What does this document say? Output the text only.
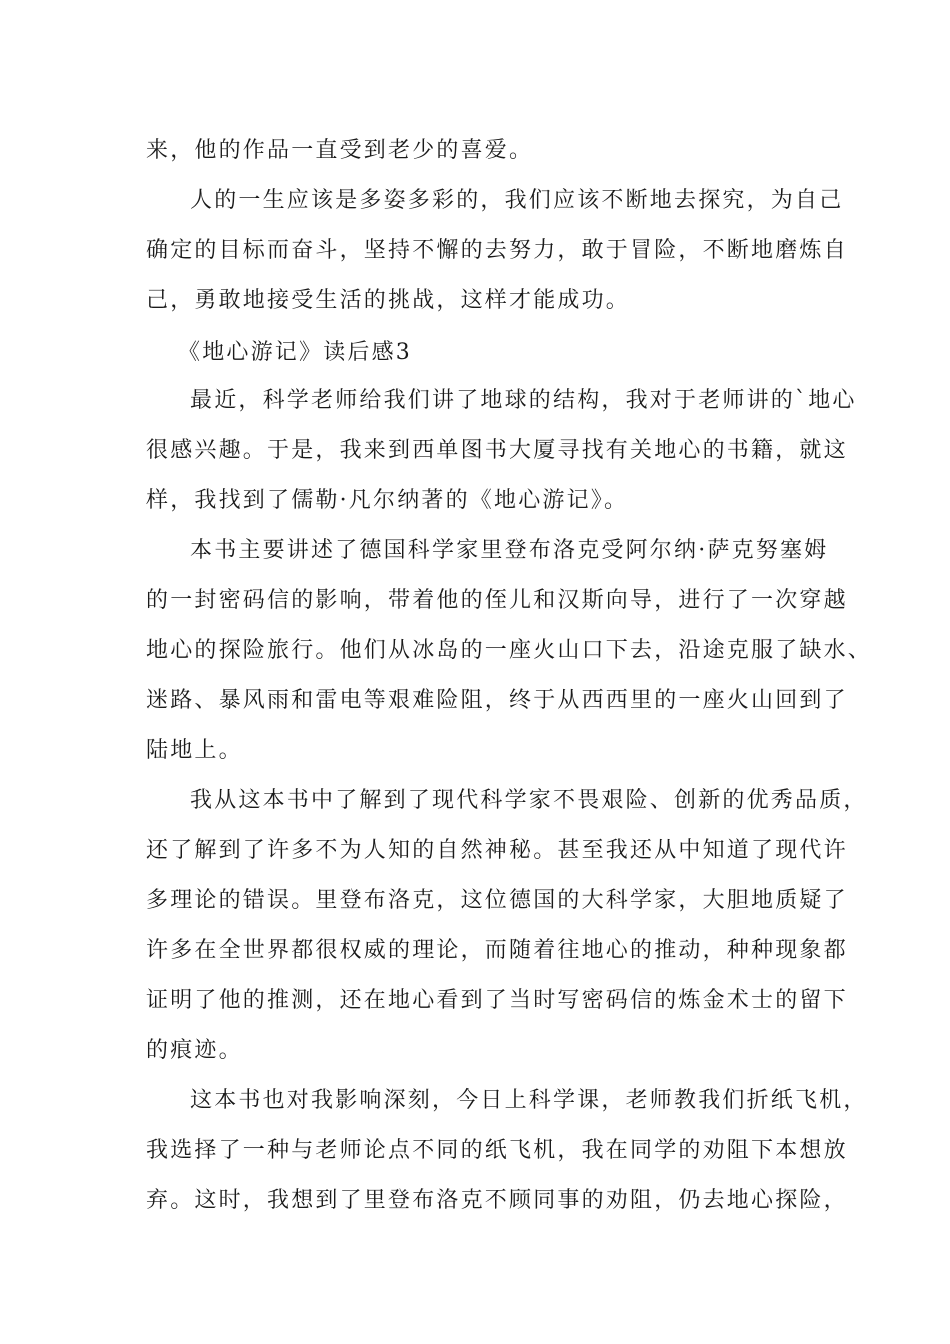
来，他的作品一直受到老少的喜爱。
人的一生应该是多姿多彩的，我们应该不断地去探究，为自己
确定的目标而奋斗，坚持不懈的去努力，敢于冒险，不断地磨炼自
己，勇敢地接受生活的挑战，这样才能成功。
《地心游记》读后感3
最近，科学老师给我们讲了地球的结构，我对于老师讲的`地心
很感兴趣。于是，我来到西单图书大厦寻找有关地心的书籍，就这
样，我找到了儒勒·凡尔纳著的《地心游记》。
本书主要讲述了德国科学家里登布洛克受阿尔纳·萨克努塞姆
的一封密码信的影响，带着他的侄儿和汉斯向导，进行了一次穿越
地心的探险旅行。他们从冰岛的一座火山口下去，沿途克服了缺水、
迷路、暴风雨和雷电等艰难险阻，终于从西西里的一座火山回到了
陆地上。
我从这本书中了解到了现代科学家不畏艰险、创新的优秀品质，
还了解到了许多不为人知的自然神秘。甚至我还从中知道了现代许
多理论的错误。里登布洛克，这位德国的大科学家，大胆地质疑了
许多在全世界都很权威的理论，而随着往地心的推动，种种现象都
证明了他的推测，还在地心看到了当时写密码信的炼金术士的留下
的痕迹。
这本书也对我影响深刻，今日上科学课，老师教我们折纸飞机，
我选择了一种与老师论点不同的纸飞机，我在同学的劝阻下本想放
弃。这时，我想到了里登布洛克不顾同事的劝阻，仍去地心探险，
